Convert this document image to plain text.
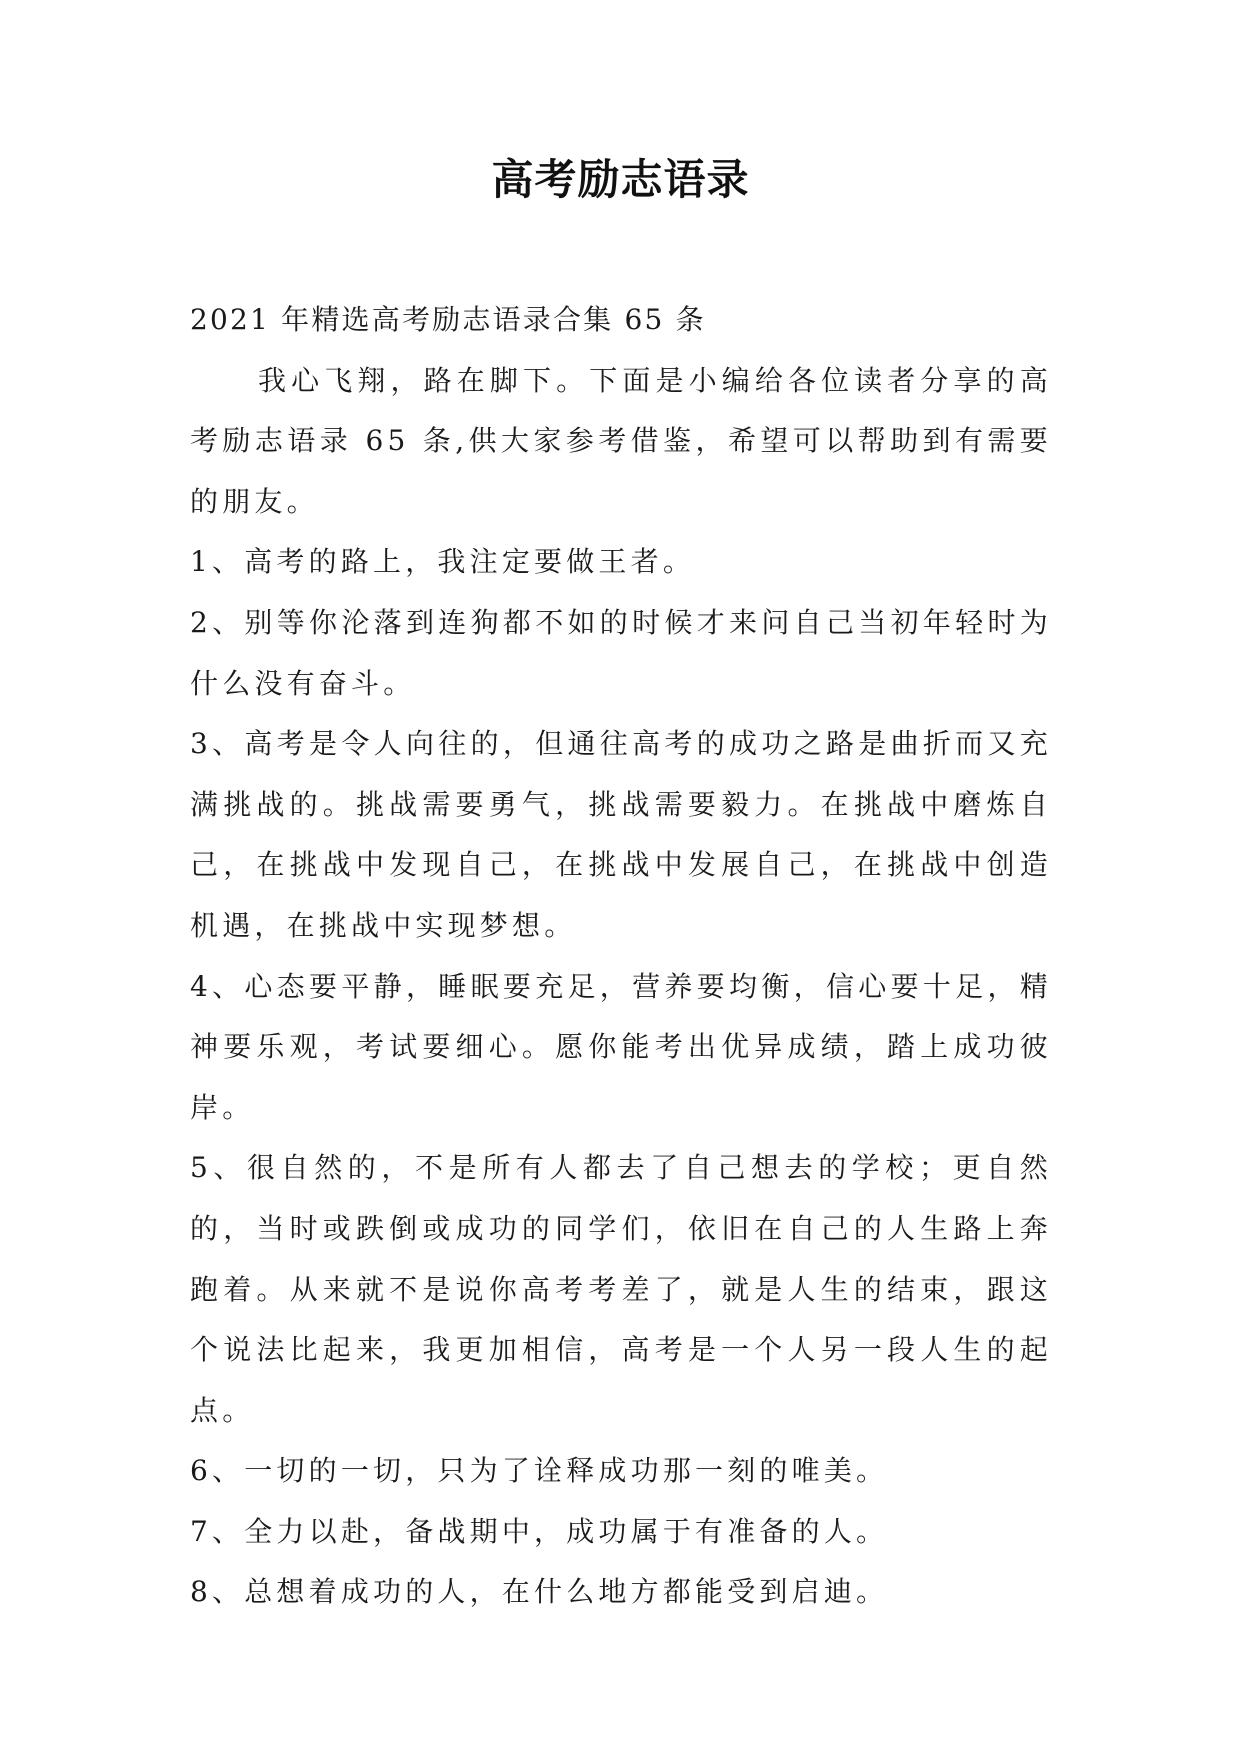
高考励志语录

2021 年精选高考励志语录合集 65 条

我心飞翔，路在脚下。下面是小编给各位读者分享的高考励志语录 65 条,供大家参考借鉴，希望可以帮助到有需要的朋友。

1、高考的路上，我注定要做王者。

2、别等你沦落到连狗都不如的时候才来问自己当初年轻时为什么没有奋斗。

3、高考是令人向往的，但通往高考的成功之路是曲折而又充满挑战的。挑战需要勇气，挑战需要毅力。在挑战中磨炼自己，在挑战中发现自己，在挑战中发展自己，在挑战中创造机遇，在挑战中实现梦想。

4、心态要平静，睡眠要充足，营养要均衡，信心要十足，精神要乐观，考试要细心。愿你能考出优异成绩，踏上成功彼岸。

5、很自然的，不是所有人都去了自己想去的学校；更自然的，当时或跌倒或成功的同学们，依旧在自己的人生路上奔跑着。从来就不是说你高考考差了，就是人生的结束，跟这个说法比起来，我更加相信，高考是一个人另一段人生的起点。

6、一切的一切，只为了诠释成功那一刻的唯美。

7、全力以赴，备战期中，成功属于有准备的人。

8、总想着成功的人，在什么地方都能受到启迪。
